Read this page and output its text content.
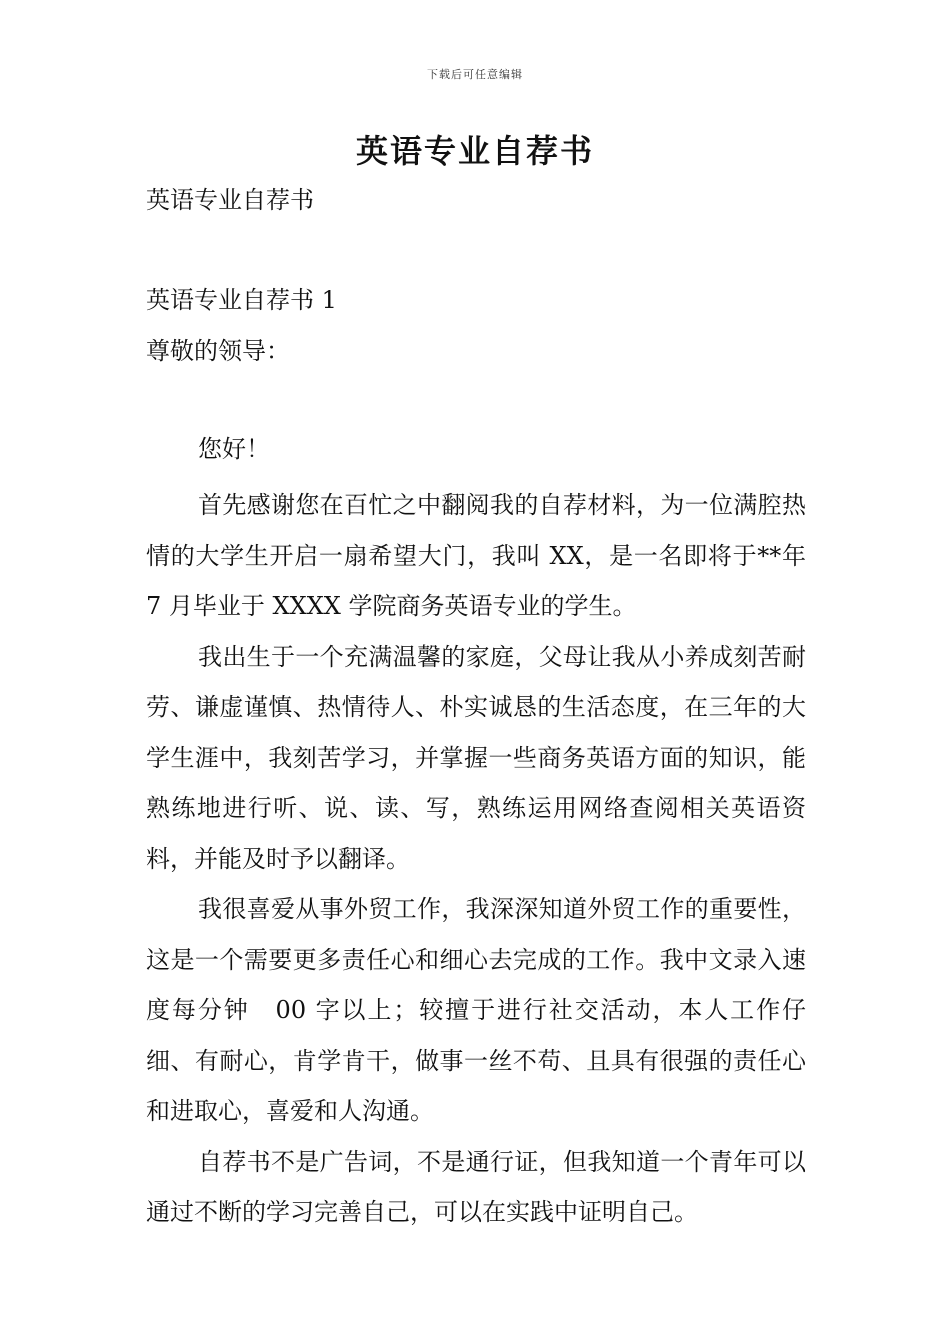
下载后可任意编辑
英语专业自荐书
英语专业自荐书
英语专业自荐书 1
尊敬的领导：
您好！

首先感谢您在百忙之中翻阅我的自荐材料，为一位满腔热情的大学生开启一扇希望大门，我叫 XX，是一名即将于**年 7 月毕业于 XXXX 学院商务英语专业的学生。

我出生于一个充满温馨的家庭，父母让我从小养成刻苦耐劳、谦虚谨慎、热情待人、朴实诚恳的生活态度，在三年的大学生涯中，我刻苦学习，并掌握一些商务英语方面的知识，能熟练地进行听、说、读、写，熟练运用网络查阅相关英语资料，并能及时予以翻译。

我很喜爱从事外贸工作，我深深知道外贸工作的重要性，这是一个需要更多责任心和细心去完成的工作。我中文录入速度每分钟　00 字以上；较擅于进行社交活动，本人工作仔细、有耐心，肯学肯干，做事一丝不苟、且具有很强的责任心和进取心，喜爱和人沟通。

自荐书不是广告词，不是通行证，但我知道一个青年可以通过不断的学习完善自己，可以在实践中证明自己。
